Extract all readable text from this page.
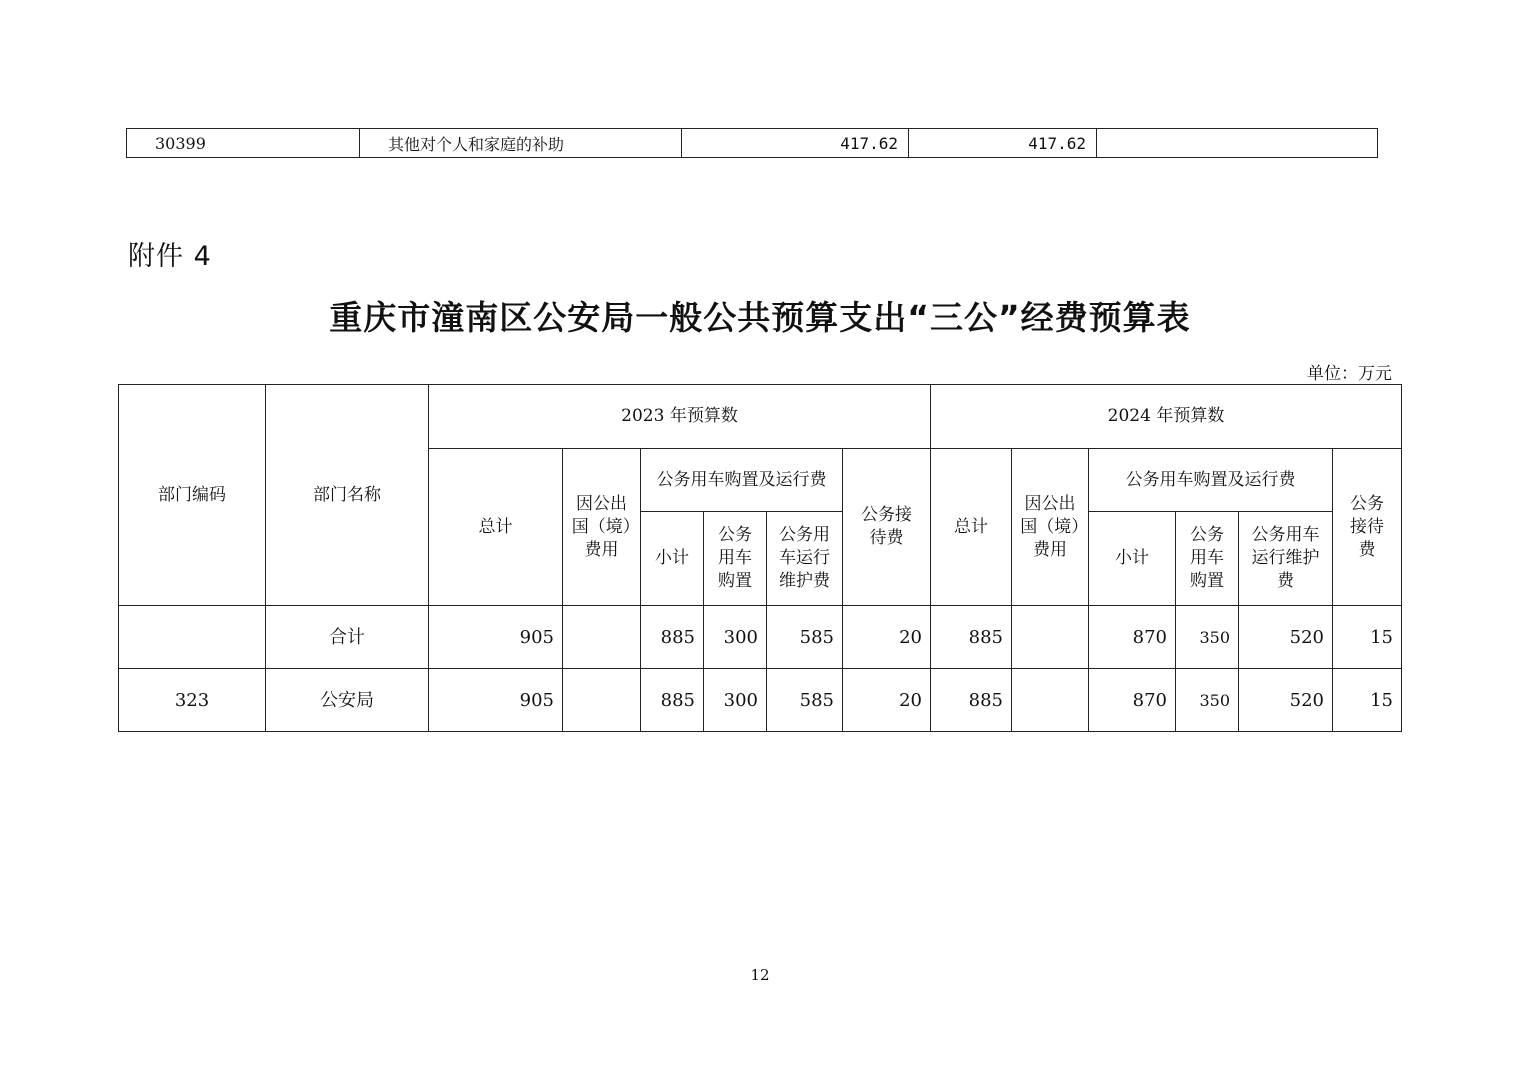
30399	其他对个人和家庭的补助	417.62	417.62	
附件 4
重庆市潼南区公安局一般公共预算支出“三公”经费预算表
单位：万元
部门编码	部门名称	2023 年预算数						2024 年预算数					
		总计	因公出国（境）费用	公务用车购置及运行费			公务接待费	总计	因公出国（境）费用	公务用车购置及运行费			公务接待费
				小计	公务用车购置	公务用车运行维护费				小计	公务用车购置	公务用车运行维护费	
	合计	905		885	300	585	20	885		870	350	520	15
323	公安局	905		885	300	585	20	885		870	350	520	15
12
